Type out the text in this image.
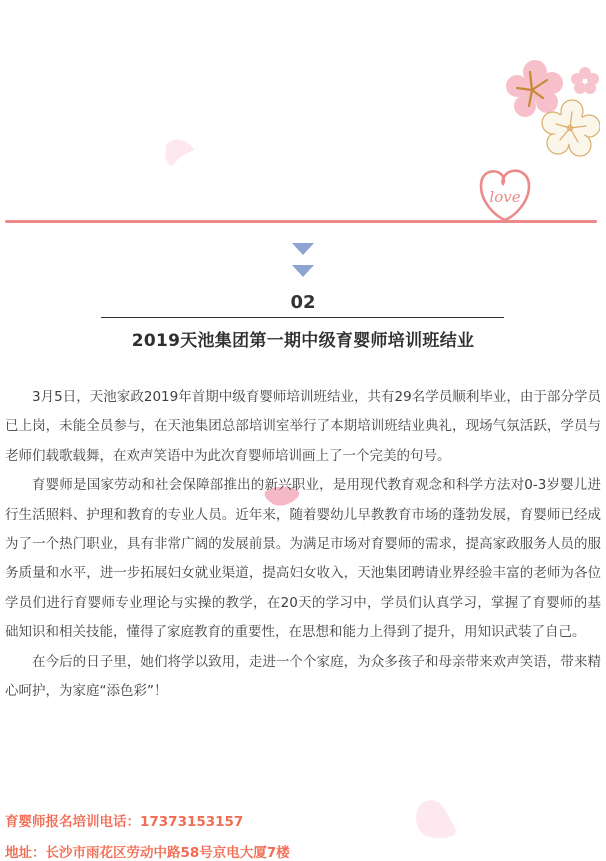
love
02
2019天池集团第一期中级育婴师培训班结业

3月5日，天池家政2019年首期中级育婴师培训班结业，共有29名学员顺利毕业，由于部分学员已上岗，未能全员参与，在天池集团总部培训室举行了本期培训班结业典礼，现场气氛活跃，学员与老师们载歌载舞，在欢声笑语中为此次育婴师培训画上了一个完美的句号。

育婴师是国家劳动和社会保障部推出的新兴职业，是用现代教育观念和科学方法对0-3岁婴儿进行生活照料、护理和教育的专业人员。近年来，随着婴幼儿早教教育市场的蓬勃发展，育婴师已经成为了一个热门职业，具有非常广阔的发展前景。为满足市场对育婴师的需求，提高家政服务人员的服务质量和水平，进一步拓展妇女就业渠道，提高妇女收入，天池集团聘请业界经验丰富的老师为各位学员们进行育婴师专业理论与实操的教学，在20天的学习中，学员们认真学习，掌握了育婴师的基础知识和相关技能，懂得了家庭教育的重要性，在思想和能力上得到了提升，用知识武装了自己。

在今后的日子里，她们将学以致用，走进一个个家庭，为众多孩子和母亲带来欢声笑语，带来精心呵护，为家庭“添色彩”！

育婴师报名培训电话：17373153157
地址：长沙市雨花区劳动中路58号京电大厦7楼
